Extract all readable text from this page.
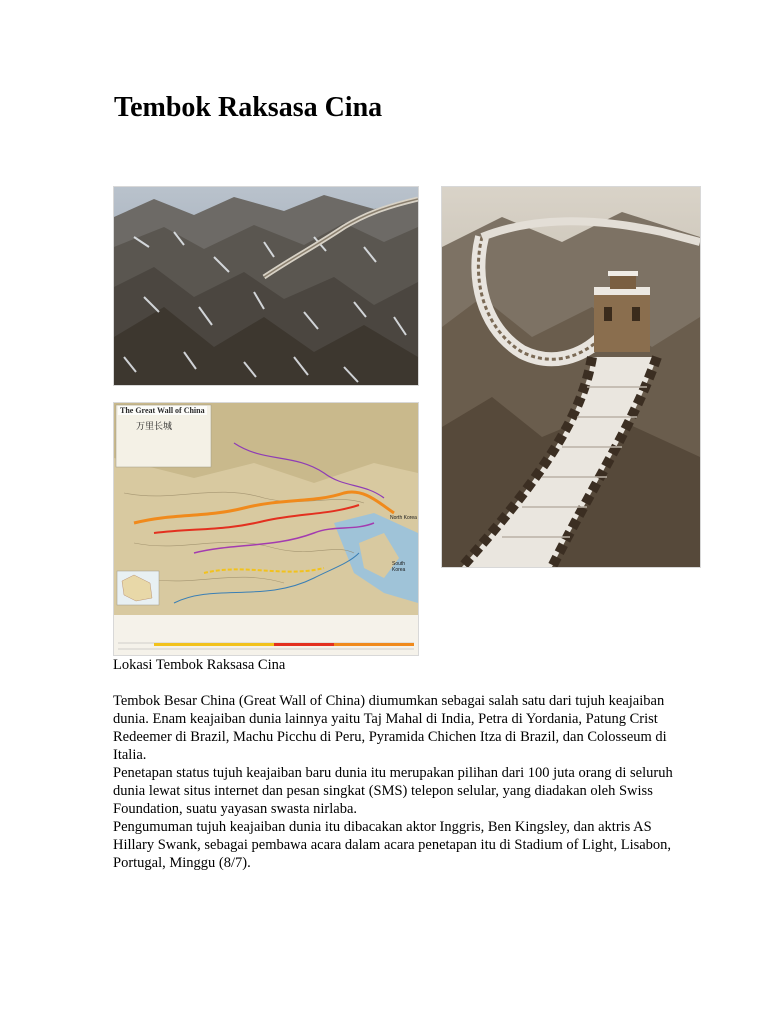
Tembok Raksasa Cina
The Great Wall of China
万里长城
North Korea
South Korea

Lokasi Tembok Raksasa Cina

Tembok Besar China (Great Wall of China) diumumkan sebagai salah satu dari tujuh keajaiban dunia. Enam keajaiban dunia lainnya yaitu Taj Mahal di India, Petra di Yordania, Patung Crist Redeemer di Brazil, Machu Picchu di Peru, Pyramida Chichen Itza di Brazil, dan Colosseum di Italia.

Penetapan status tujuh keajaiban baru dunia itu merupakan pilihan dari 100 juta orang di seluruh dunia lewat situs internet dan pesan singkat (SMS) telepon selular, yang diadakan oleh Swiss Foundation, suatu yayasan swasta nirlaba.

Pengumuman tujuh keajaiban dunia itu dibacakan aktor Inggris, Ben Kingsley, dan aktris AS Hillary Swank, sebagai pembawa acara dalam acara penetapan itu di Stadium of Light, Lisabon, Portugal, Minggu (8/7).
